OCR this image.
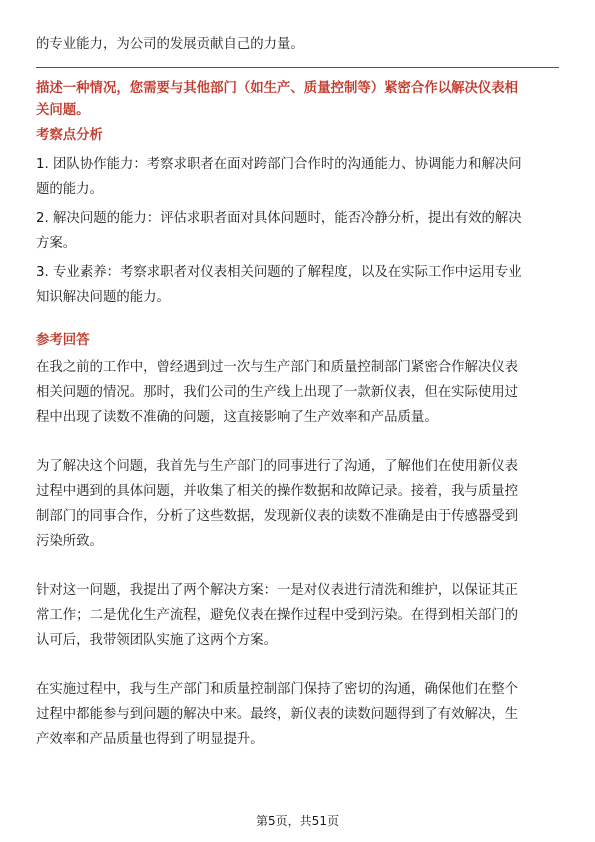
的专业能力，为公司的发展贡献自己的力量。

描述一种情况，您需要与其他部门（如生产、质量控制等）紧密合作以解决仪表相

关问题。

考察点分析

1. 团队协作能力：考察求职者在面对跨部门合作时的沟通能力、协调能力和解决问

题的能力。

2. 解决问题的能力：评估求职者面对具体问题时，能否冷静分析，提出有效的解决

方案。

3. 专业素养：考察求职者对仪表相关问题的了解程度，以及在实际工作中运用专业

知识解决问题的能力。

参考回答

在我之前的工作中，曾经遇到过一次与生产部门和质量控制部门紧密合作解决仪表

相关问题的情况。那时，我们公司的生产线上出现了一款新仪表，但在实际使用过

程中出现了读数不准确的问题，这直接影响了生产效率和产品质量。

为了解决这个问题，我首先与生产部门的同事进行了沟通，了解他们在使用新仪表

过程中遇到的具体问题，并收集了相关的操作数据和故障记录。接着，我与质量控

制部门的同事合作，分析了这些数据，发现新仪表的读数不准确是由于传感器受到

污染所致。

针对这一问题，我提出了两个解决方案：一是对仪表进行清洗和维护，以保证其正

常工作；二是优化生产流程，避免仪表在操作过程中受到污染。在得到相关部门的

认可后，我带领团队实施了这两个方案。

在实施过程中，我与生产部门和质量控制部门保持了密切的沟通，确保他们在整个

过程中都能参与到问题的解决中来。最终，新仪表的读数问题得到了有效解决，生

产效率和产品质量也得到了明显提升。

第5页，共51页
